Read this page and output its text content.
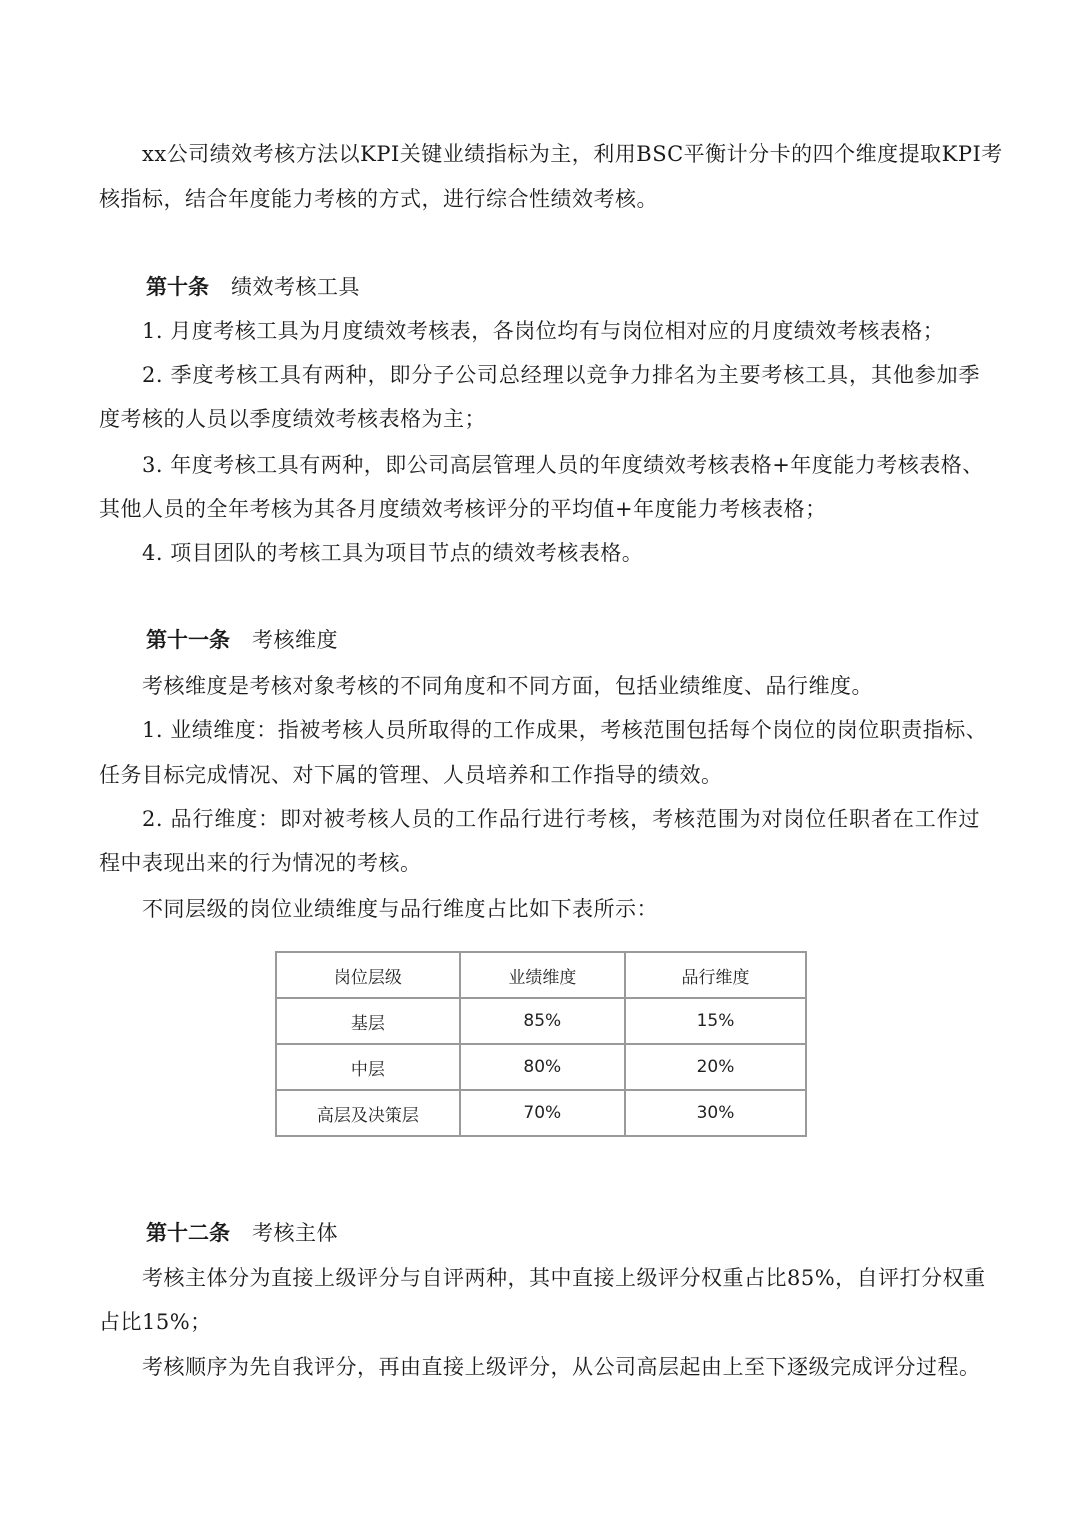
xx公司绩效考核方法以KPI关键业绩指标为主，利用BSC平衡计分卡的四个维度提取KPI考
核指标，结合年度能力考核的方式，进行综合性绩效考核。
第十条 绩效考核工具
1. 月度考核工具为月度绩效考核表，各岗位均有与岗位相对应的月度绩效考核表格；
2. 季度考核工具有两种，即分子公司总经理以竞争力排名为主要考核工具，其他参加季
度考核的人员以季度绩效考核表格为主；
3. 年度考核工具有两种，即公司高层管理人员的年度绩效考核表格+年度能力考核表格、
其他人员的全年考核为其各月度绩效考核评分的平均值+年度能力考核表格；
4. 项目团队的考核工具为项目节点的绩效考核表格。
第十一条 考核维度
考核维度是考核对象考核的不同角度和不同方面，包括业绩维度、品行维度。
1. 业绩维度：指被考核人员所取得的工作成果，考核范围包括每个岗位的岗位职责指标、
任务目标完成情况、对下属的管理、人员培养和工作指导的绩效。
2. 品行维度：即对被考核人员的工作品行进行考核，考核范围为对岗位任职者在工作过
程中表现出来的行为情况的考核。
不同层级的岗位业绩维度与品行维度占比如下表所示：
岗位层级	业绩维度	品行维度
基层	85%	15%
中层	80%	20%
高层及决策层	70%	30%
第十二条 考核主体
考核主体分为直接上级评分与自评两种，其中直接上级评分权重占比85%，自评打分权重
占比15%；
考核顺序为先自我评分，再由直接上级评分，从公司高层起由上至下逐级完成评分过程。
